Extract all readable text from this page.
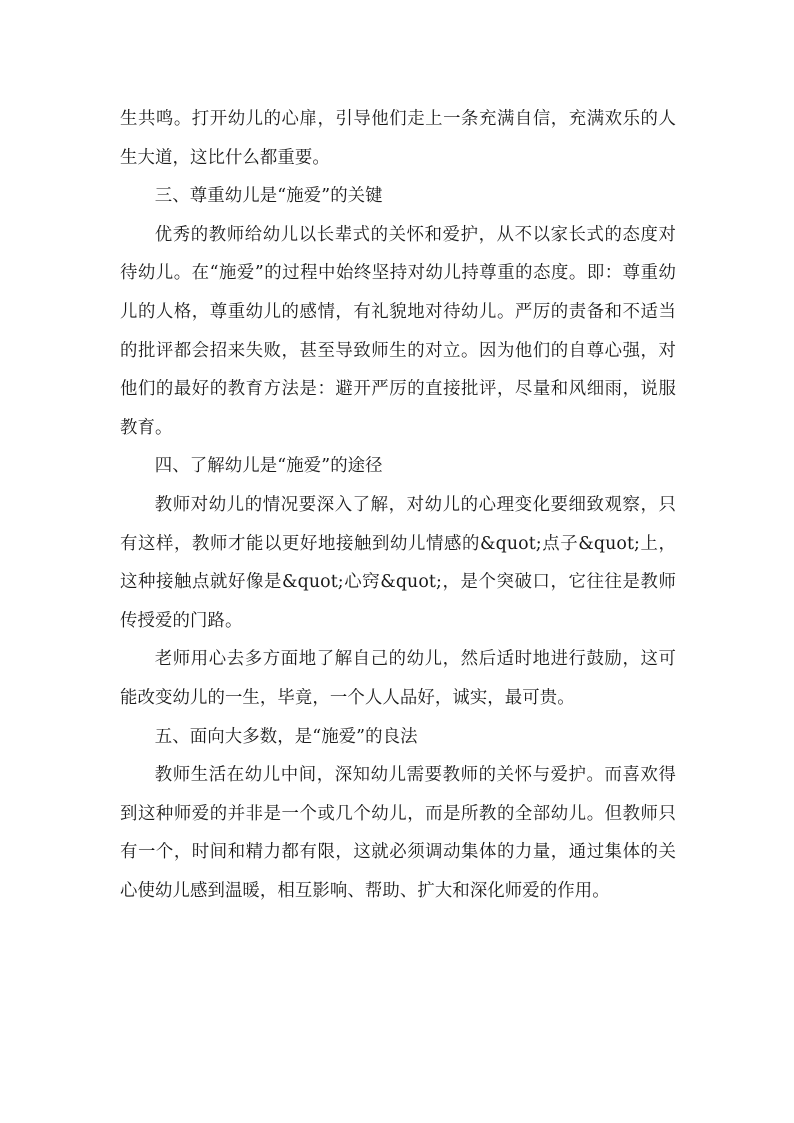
生共鸣。打开幼儿的心扉，引导他们走上一条充满自信，充满欢乐的人生大道，这比什么都重要。

三、尊重幼儿是“施爱”的关键

优秀的教师给幼儿以长辈式的关怀和爱护，从不以家长式的态度对待幼儿。在“施爱”的过程中始终坚持对幼儿持尊重的态度。即：尊重幼儿的人格，尊重幼儿的感情，有礼貌地对待幼儿。严厉的责备和不适当的批评都会招来失败，甚至导致师生的对立。因为他们的自尊心强，对他们的最好的教育方法是：避开严厉的直接批评，尽量和风细雨，说服教育。

四、了解幼儿是“施爱”的途径

教师对幼儿的情况要深入了解，对幼儿的心理变化要细致观察，只有这样，教师才能以更好地接触到幼儿情感的&quot;点子&quot;上，这种接触点就好像是&quot;心窍&quot;，是个突破口，它往往是教师传授爱的门路。

老师用心去多方面地了解自己的幼儿，然后适时地进行鼓励，这可能改变幼儿的一生，毕竟，一个人人品好，诚实，最可贵。

五、面向大多数，是“施爱”的良法

教师生活在幼儿中间，深知幼儿需要教师的关怀与爱护。而喜欢得到这种师爱的并非是一个或几个幼儿，而是所教的全部幼儿。但教师只有一个，时间和精力都有限，这就必须调动集体的力量，通过集体的关心使幼儿感到温暖，相互影响、帮助、扩大和深化师爱的作用。
